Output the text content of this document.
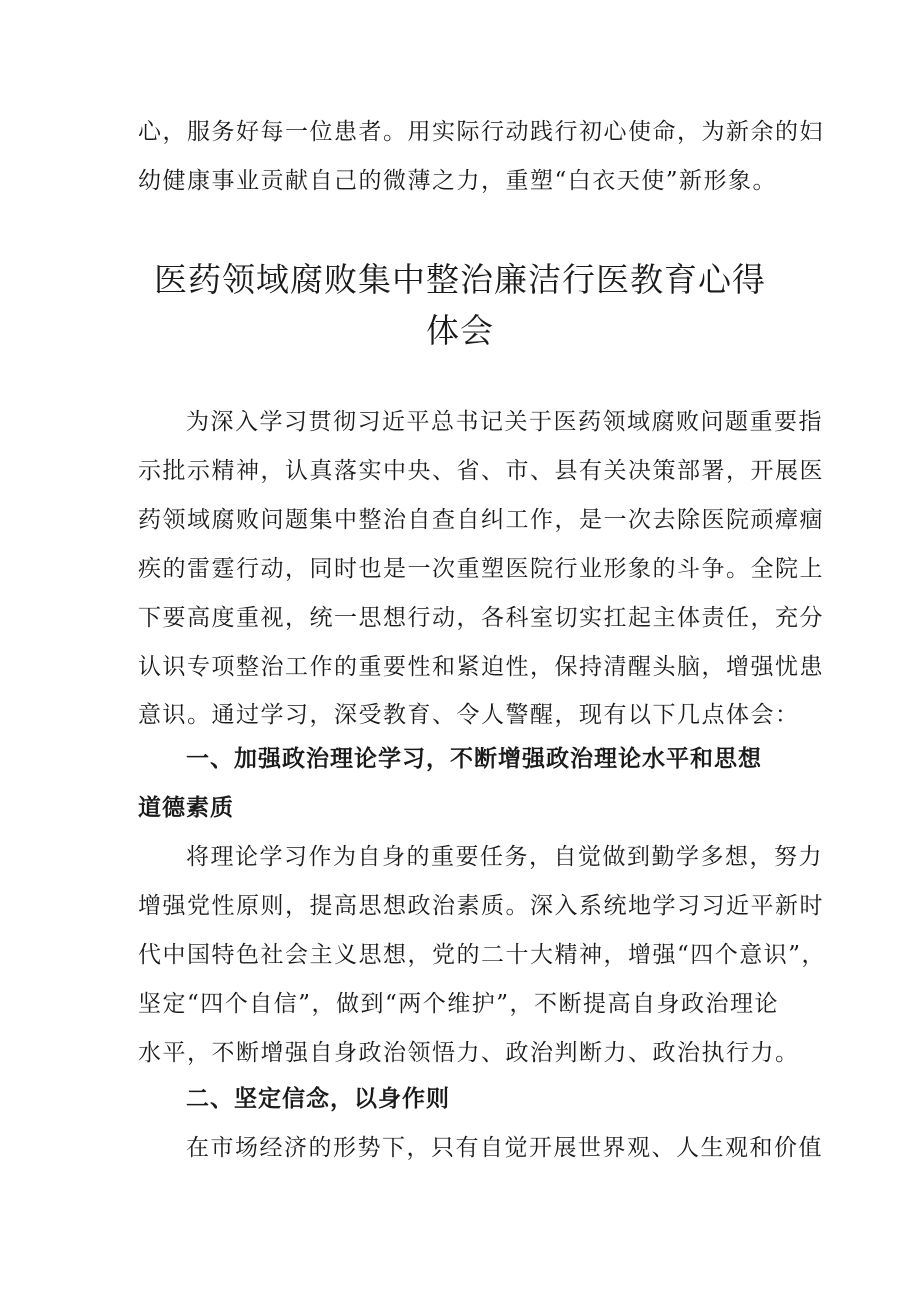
心，服务好每一位患者。用实际行动践行初心使命，为新余的妇
幼健康事业贡献自己的微薄之力，重塑“白衣天使”新形象。
医药领域腐败集中整治廉洁行医教育心得
体会
为深入学习贯彻习近平总书记关于医药领域腐败问题重要指
示批示精神，认真落实中央、省、市、县有关决策部署，开展医
药领域腐败问题集中整治自查自纠工作，是一次去除医院顽瘴痼
疾的雷霆行动，同时也是一次重塑医院行业形象的斗争。全院上
下要高度重视，统一思想行动，各科室切实扛起主体责任，充分
认识专项整治工作的重要性和紧迫性，保持清醒头脑，增强忧患
意识。通过学习，深受教育、令人警醒，现有以下几点体会：
一、加强政治理论学习，不断增强政治理论水平和思想
道德素质
将理论学习作为自身的重要任务，自觉做到勤学多想，努力
增强党性原则，提高思想政治素质。深入系统地学习习近平新时
代中国特色社会主义思想，党的二十大精神，增强“四个意识”，
坚定“四个自信”，做到“两个维护”，不断提高自身政治理论
水平，不断增强自身政治领悟力、政治判断力、政治执行力。
二、坚定信念，以身作则
在市场经济的形势下，只有自觉开展世界观、人生观和价值
